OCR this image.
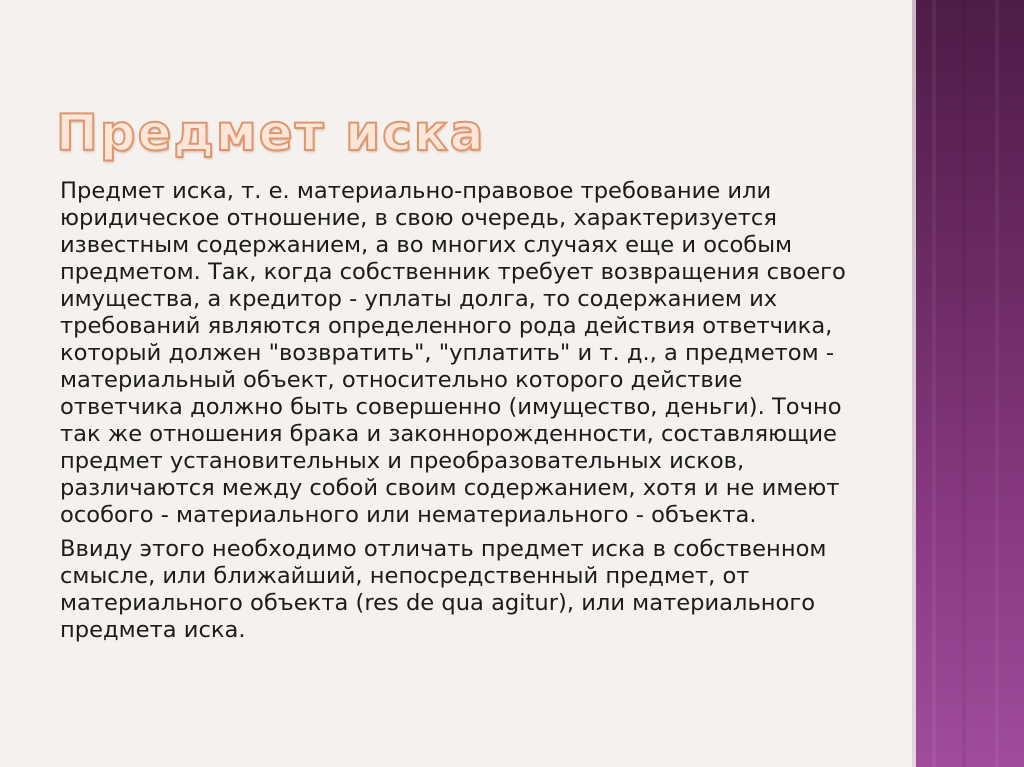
Предмет иска

Предмет иска, т. е. материально-правовое требование или юридическое отношение, в свою очередь, характеризуется известным содержанием, а во многих случаях еще и особым предметом. Так, когда собственник требует возвращения своего имущества, а кредитор - уплаты долга, то содержанием их требований являются определенного рода действия ответчика, который должен "возвратить", "уплатить" и т. д., а предметом - материальный объект, относительно которого действие ответчика должно быть совершенно (имущество, деньги). Точно так же отношения брака и законнорожденности, составляющие предмет установительных и преобразовательных исков, различаются между собой своим содержанием, хотя и не имеют особого - материального или нематериального - объекта.

Ввиду этого необходимо отличать предмет иска в собственном смысле, или ближайший, непосредственный предмет, от материального объекта (res de qua agitur), или материального предмета иска.
